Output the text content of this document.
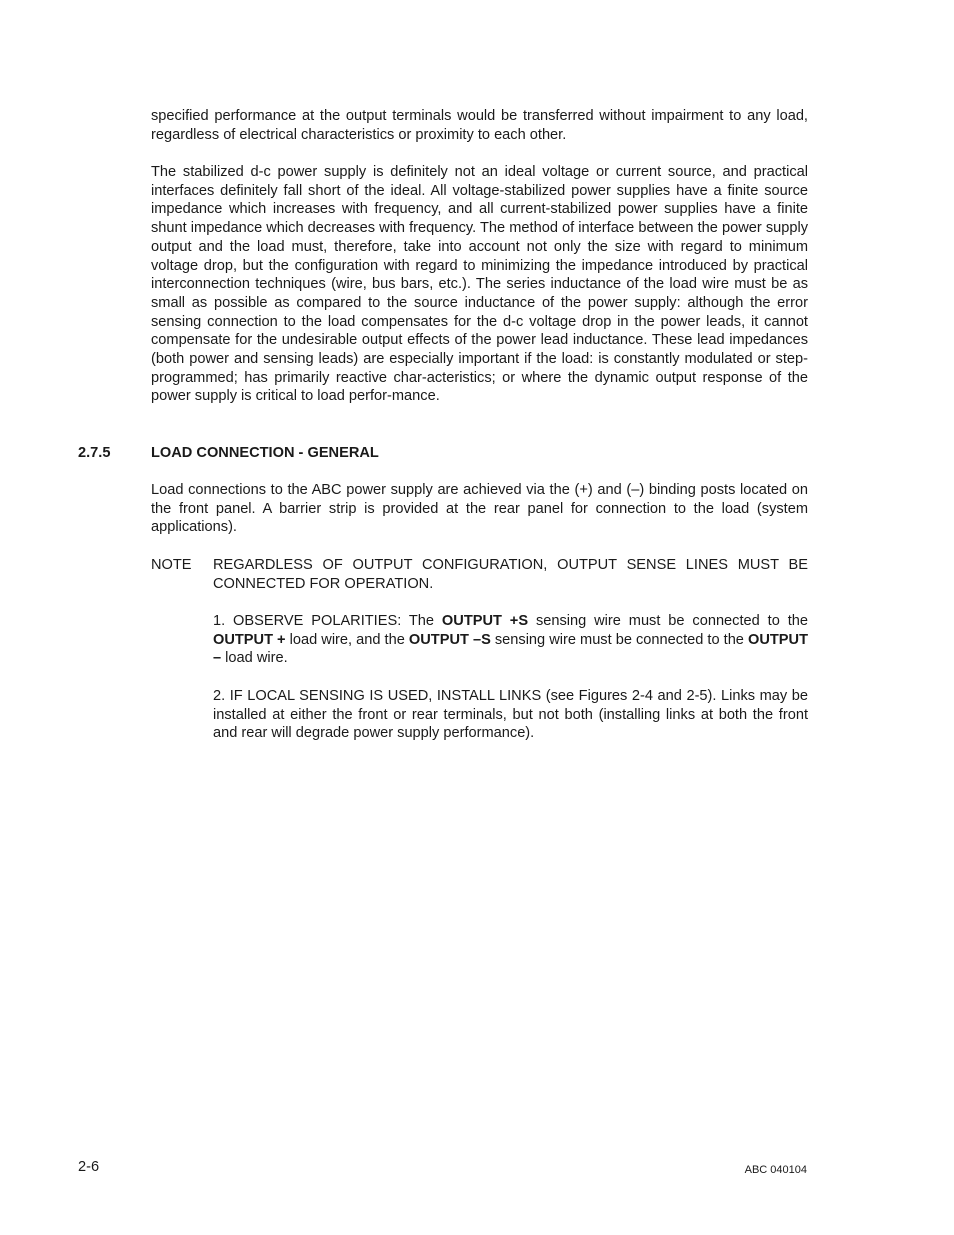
specified performance at the output terminals would be transferred without impairment to any load, regardless of electrical characteristics or proximity to each other.

The stabilized d-c power supply is definitely not an ideal voltage or current source, and practical interfaces definitely fall short of the ideal. All voltage-stabilized power supplies have a finite source impedance which increases with frequency, and all current-stabilized power supplies have a finite shunt impedance which decreases with frequency. The method of interface between the power supply output and the load must, therefore, take into account not only the size with regard to minimum voltage drop, but the configuration with regard to minimizing the impedance introduced by practical interconnection techniques (wire, bus bars, etc.). The series inductance of the load wire must be as small as possible as compared to the source inductance of the power supply: although the error sensing connection to the load compensates for the d-c voltage drop in the power leads, it cannot compensate for the undesirable output effects of the power lead inductance. These lead impedances (both power and sensing leads) are especially important if the load: is constantly modulated or step-programmed; has primarily reactive char-acteristics; or where the dynamic output response of the power supply is critical to load perfor-mance.

2.7.5	LOAD CONNECTION - GENERAL

Load connections to the ABC power supply are achieved via the (+) and (–) binding posts located on the front panel. A barrier strip is provided at the rear panel for connection to the load (system applications).

NOTE REGARDLESS OF OUTPUT CONFIGURATION, OUTPUT SENSE LINES MUST BE CONNECTED FOR OPERATION.

1. OBSERVE POLARITIES: The OUTPUT +S sensing wire must be connected to the OUTPUT + load wire, and the OUTPUT –S sensing wire must be connected to the OUTPUT – load wire.

2. IF LOCAL SENSING IS USED, INSTALL LINKS (see Figures 2-4 and 2-5). Links may be installed at either the front or rear terminals, but not both (installing links at both the front and rear will degrade power supply performance).

2-6	ABC 040104
